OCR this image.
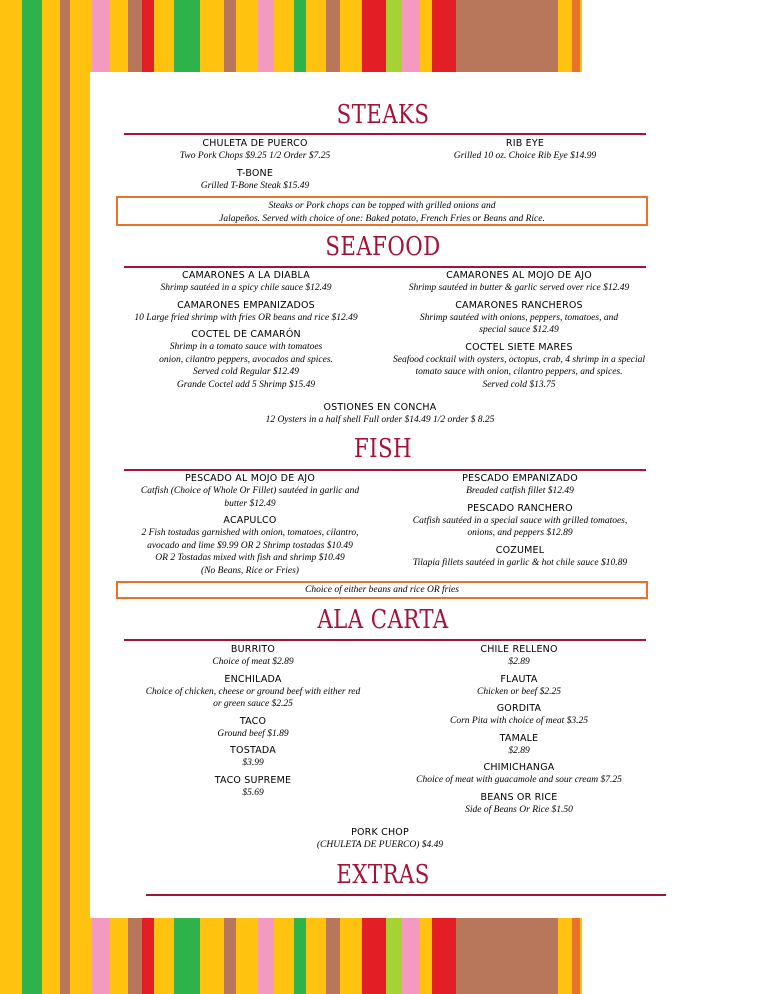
STEAKS
CHULETA DE PUERCO
Two Pork Chops $9.25 1/2 Order $7.25
T-BONE
Grilled T-Bone Steak $15.49
RIB EYE
Grilled 10 oz. Choice Rib Eye $14.99
Steaks or Pork chops can be topped with grilled onions and
Jalapeños. Served with choice of one: Baked potato, French Fries or Beans and Rice.
SEAFOOD
CAMARONES A LA DIABLA
Shrimp sautéed in a spicy chile sauce $12.49
CAMARONES EMPANIZADOS
10 Large fried shrimp with fries OR beans and rice $12.49
COCTEL DE CAMARÓN
Shrimp in a tomato sauce with tomatoes
onion, cilantro peppers, avocados and spices.
Served cold Regular $12.49
Grande Coctel add 5 Shrimp $15.49
CAMARONES AL MOJO DE AJO
Shrimp sautéed in butter & garlic served over rice $12.49
CAMARONES RANCHEROS
Shrimp sautéed with onions, peppers, tomatoes, and
special sauce $12.49
COCTEL SIETE MARES
Seafood cocktail with oysters, octopus, crab, 4 shrimp in a special
tomato sauce with onion, cilantro peppers, and spices.
Served cold $13.75
OSTIONES EN CONCHA
12 Oysters in a half shell Full order $14.49 1/2 order $ 8.25
FISH
PESCADO AL MOJO DE AJO
Catfish (Choice of Whole Or Fillet) sautéed in garlic and
butter $12.49
ACAPULCO
2 Fish tostadas garnished with onion, tomatoes, cilantro,
avocado and lime $9.99 OR 2 Shrimp tostadas $10.49
OR 2 Tostadas mixed with fish and shrimp $10.49
(No Beans, Rice or Fries)
PESCADO EMPANIZADO
Breaded catfish fillet $12.49
PESCADO RANCHERO
Catfish sautéed in a special sauce with grilled tomatoes,
onions, and peppers $12.89
COZUMEL
Tilapia fillets sautéed in garlic & hot chile sauce $10.89
Choice of either beans and rice OR fries
ALA CARTA
BURRITO
Choice of meat $2.89
ENCHILADA
Choice of chicken, cheese or ground beef with either red
or green sauce $2.25
TACO
Ground beef $1.89
TOSTADA
$3.99
TACO SUPREME
$5.69
CHILE RELLENO
$2.89
FLAUTA
Chicken or beef $2.25
GORDITA
Corn Pita with choice of meat $3.25
TAMALE
$2.89
CHIMICHANGA
Choice of meat with guacamole and sour cream $7.25
BEANS OR RICE
Side of Beans Or Rice $1.50
PORK CHOP
(CHULETA DE PUERCO) $4.49
EXTRAS
menupix
